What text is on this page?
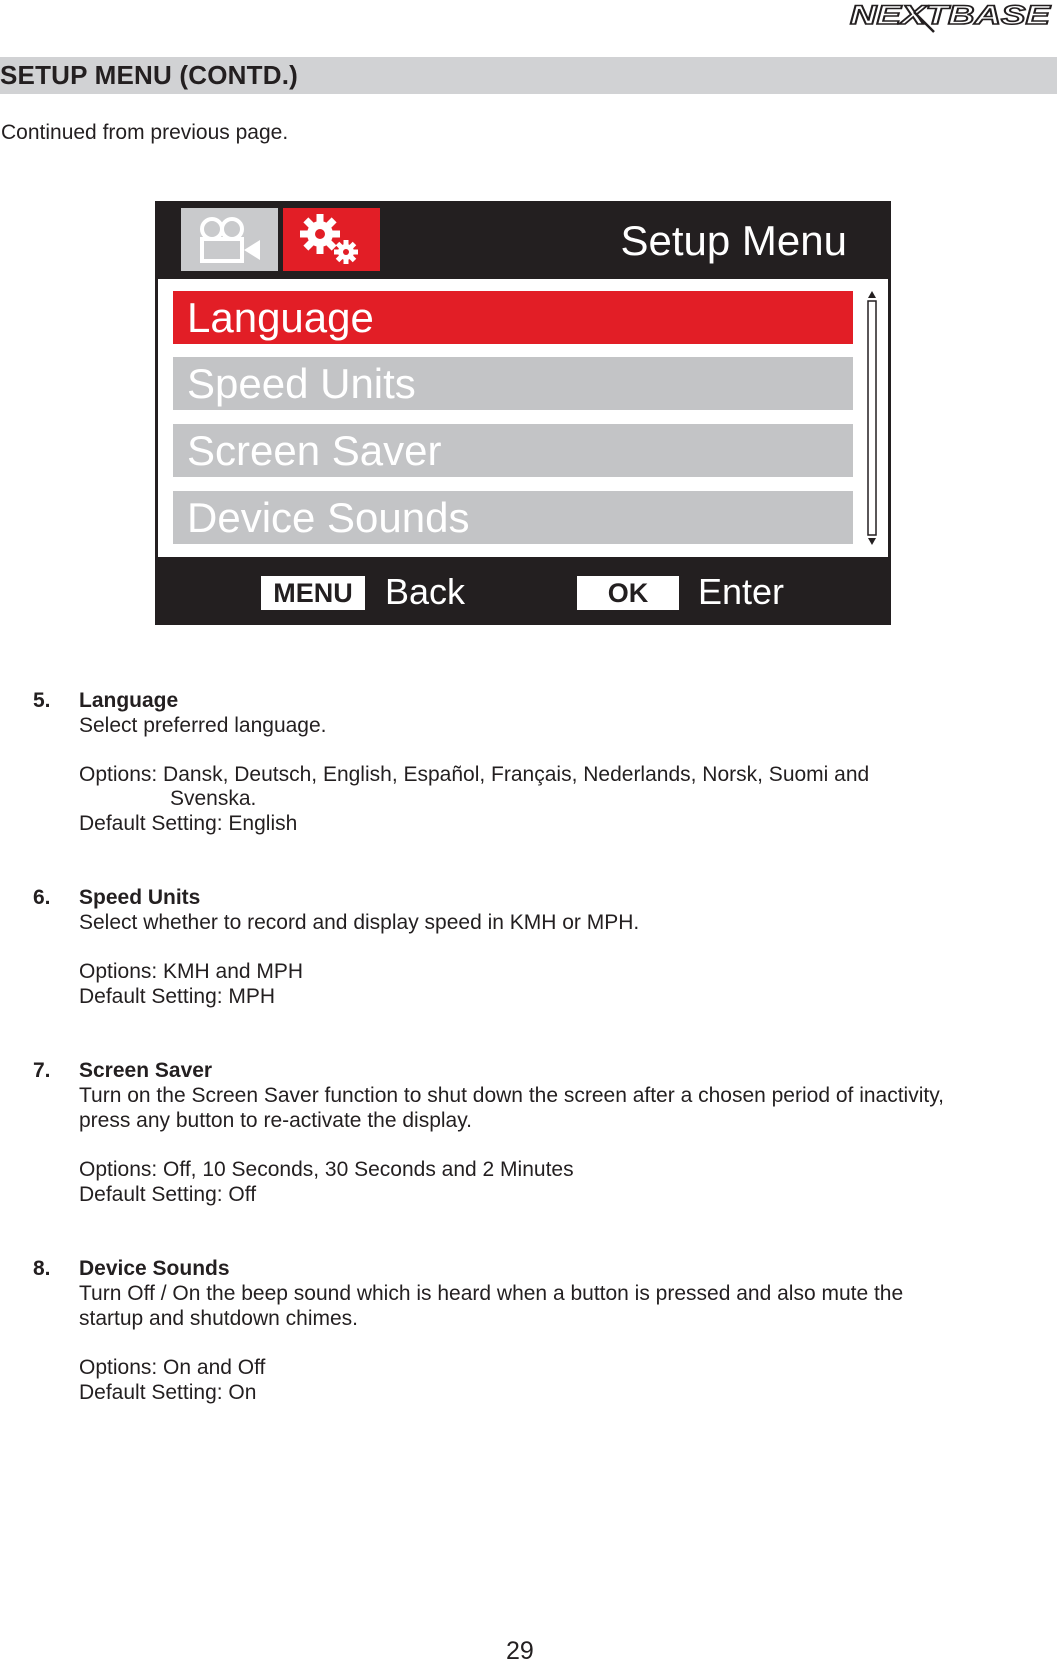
NEXTBASE
SETUP MENU (CONTD.)
Continued from previous page.
Setup Menu
Language
Speed Units
Screen Saver
Device Sounds
MENU Back	OK	Enter
5. Language
Select preferred language.
Options: Dansk, Deutsch, English, Español, Français, Nederlands, Norsk, Suomi and
Svenska.
Default Setting: English
6. Speed Units
Select whether to record and display speed in KMH or MPH.
Options: KMH and MPH
Default Setting: MPH
7. Screen Saver
Turn on the Screen Saver function to shut down the screen after a chosen period of inactivity,
press any button to re-activate the display.
Options: Off, 10 Seconds, 30 Seconds and 2 Minutes
Default Setting: Off
8. Device Sounds
Turn Off / On the beep sound which is heard when a button is pressed and also mute the
startup and shutdown chimes.
Options: On and Off
Default Setting: On
29
